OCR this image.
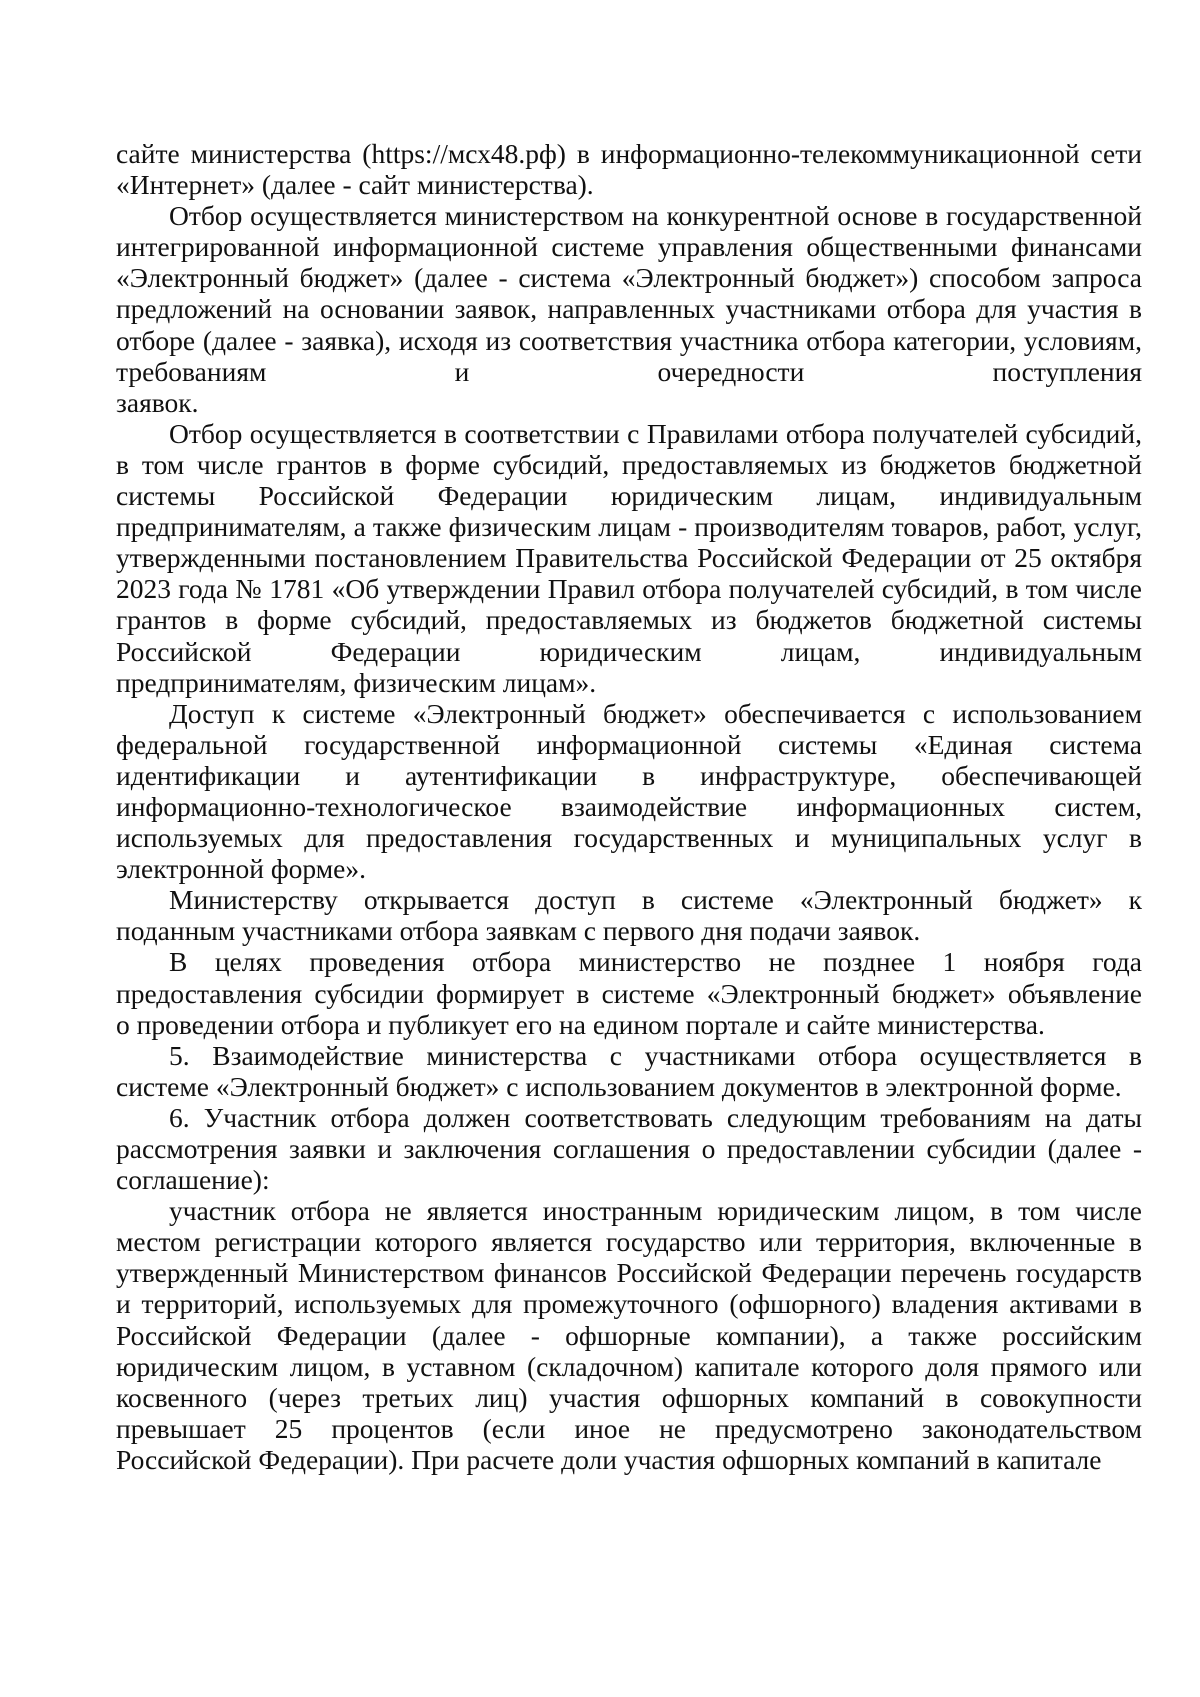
сайте министерства (https://мсх48.рф) в информационно-телекоммуникационной сети
«Интернет» (далее - сайт министерства).

Отбор осуществляется министерством на конкурентной основе в государственной интегрированной информационной системе управления общественными финансами «Электронный бюджет» (далее - система «Электронный бюджет») способом запроса предложений на основании заявок, направленных участниками отбора для участия в отборе (далее - заявка), исходя из соответствия участника отбора категории, условиям, требованиям и очередности поступления
заявок.

Отбор осуществляется в соответствии с Правилами отбора получателей субсидий, в том числе грантов в форме субсидий, предоставляемых из бюджетов бюджетной системы Российской Федерации юридическим лицам, индивидуальным предпринимателям, а также физическим лицам - производителям товаров, работ, услуг, утвержденными постановлением Правительства Российской Федерации от 25 октября 2023 года № 1781 «Об утверждении Правил отбора получателей субсидий, в том числе грантов в форме субсидий, предоставляемых из бюджетов бюджетной системы Российской Федерации юридическим лицам, индивидуальным
предпринимателям, физическим лицам».

Доступ к системе «Электронный бюджет» обеспечивается с использованием федеральной государственной информационной системы «Единая система идентификации и аутентификации в инфраструктуре, обеспечивающей информационно-технологическое взаимодействие информационных систем, используемых для предоставления государственных и муниципальных услуг в
электронной форме».

Министерству открывается доступ в системе «Электронный бюджет» к
поданным участниками отбора заявкам с первого дня подачи заявок.

В целях проведения отбора министерство не позднее 1 ноября года предоставления субсидии формирует в системе «Электронный бюджет» объявление
о проведении отбора и публикует его на едином портале и сайте министерства.

5. Взаимодействие министерства с участниками отбора осуществляется в
системе «Электронный бюджет» с использованием документов в электронной форме.

6. Участник отбора должен соответствовать следующим требованиям на даты рассмотрения заявки и заключения соглашения о предоставлении субсидии (далее -
соглашение):

участник отбора не является иностранным юридическим лицом, в том числе местом регистрации которого является государство или территория, включенные в утвержденный Министерством финансов Российской Федерации перечень государств и территорий, используемых для промежуточного (офшорного) владения активами в Российской Федерации (далее - офшорные компании), а также российским юридическим лицом, в уставном (складочном) капитале которого доля прямого или косвенного (через третьих лиц) участия офшорных компаний в совокупности превышает 25 процентов (если иное не предусмотрено законодательством
Российской Федерации). При расчете доли участия офшорных компаний в капитале
